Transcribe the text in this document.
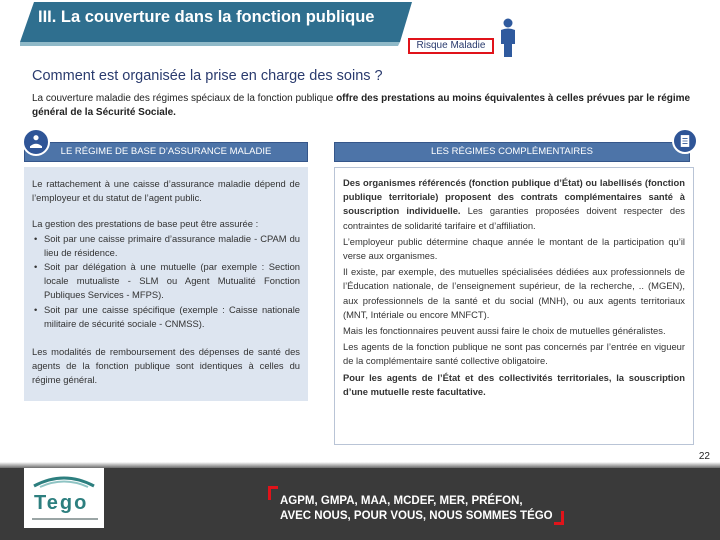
III. La couverture dans la fonction publique
Risque Maladie
Comment est organisée la prise en charge des soins ?
La couverture maladie des régimes spéciaux de la fonction publique offre des prestations au moins équivalentes à celles prévues par le régime général de la Sécurité Sociale.
LE RÉGIME DE BASE D’ASSURANCE MALADIE

Le rattachement à une caisse d’assurance maladie dépend de l’employeur et du statut de l’agent public.

La gestion des prestations de base peut être assurée :

• Soit par une caisse primaire d’assurance maladie - CPAM du lieu de résidence.
• Soit par délégation à une mutuelle (par exemple : Section locale mutualiste - SLM ou Agent Mutualité Fonction Publiques Services - MFPS).
• Soit par une caisse spécifique (exemple : Caisse nationale militaire de sécurité sociale - CNMSS).

Les modalités de remboursement des dépenses de santé des agents de la fonction publique sont identiques à celles du régime général.

LES RÉGIMES COMPLÉMENTAIRES

Des organismes référencés (fonction publique d’État) ou labellisés (fonction publique territoriale) proposent des contrats complémentaires santé à souscription individuelle. Les garanties proposées doivent respecter des contraintes de solidarité tarifaire et d’affiliation.

L’employeur public détermine chaque année le montant de la participation qu’il verse aux organismes.

Il existe, par exemple, des mutuelles spécialisées dédiées aux professionnels de l’Éducation nationale, de l’enseignement supérieur, de la recherche, .. (MGEN), aux professionnels de la santé et du social (MNH), ou aux agents territoriaux (MNT, Intériale ou encore MNFCT).

Mais les fonctionnaires peuvent aussi faire le choix de mutuelles généralistes.

Les agents de la fonction publique ne sont pas concernés par l’entrée en vigueur de la complémentaire santé collective obligatoire.

Pour les agents de l’État et des collectivités territoriales, la souscription d’une mutuelle reste facultative.

22
Tego	AGPM, GMPA, MAA, MCDEF, MER, PRÉFON,
AVEC NOUS, POUR VOUS, NOUS SOMMES TÉGO
